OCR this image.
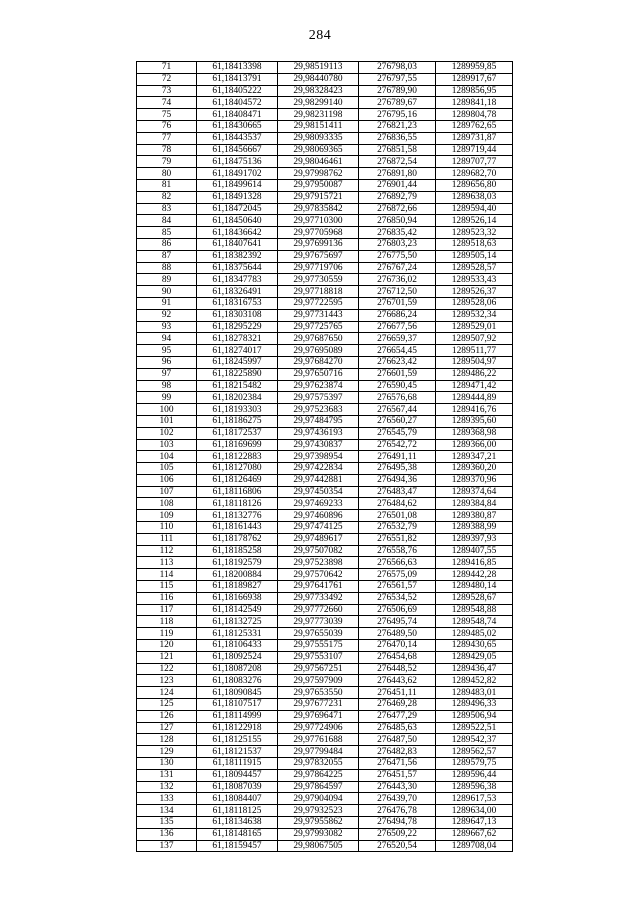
284
71	61,18413398	29,98519113	276798,03	1289959,85
72	61,18413791	29,98440780	276797,55	1289917,67
73	61,18405222	29,98328423	276789,90	1289856,95
74	61,18404572	29,98299140	276789,67	1289841,18
75	61,18408471	29,98231198	276795,16	1289804,78
76	61,18430665	29,98151411	276821,23	1289762,65
77	61,18443537	29,98093335	276836,55	1289731,87
78	61,18456667	29,98069365	276851,58	1289719,44
79	61,18475136	29,98046461	276872,54	1289707,77
80	61,18491702	29,97998762	276891,80	1289682,70
81	61,18499614	29,97950087	276901,44	1289656,80
82	61,18491328	29,97915721	276892,79	1289638,03
83	61,18472045	29,97835842	276872,66	1289594,40
84	61,18450640	29,97710300	276850,94	1289526,14
85	61,18436642	29,97705968	276835,42	1289523,32
86	61,18407641	29,97699136	276803,23	1289518,63
87	61,18382392	29,97675697	276775,50	1289505,14
88	61,18375644	29,97719706	276767,24	1289528,57
89	61,18347783	29,97730559	276736,02	1289533,43
90	61,18326491	29,97718818	276712,50	1289526,37
91	61,18316753	29,97722595	276701,59	1289528,06
92	61,18303108	29,97731443	276686,24	1289532,34
93	61,18295229	29,97725765	276677,56	1289529,01
94	61,18278321	29,97687650	276659,37	1289507,92
95	61,18274017	29,97695089	276654,45	1289511,77
96	61,18245997	29,97684270	276623,42	1289504,97
97	61,18225890	29,97650716	276601,59	1289486,22
98	61,18215482	29,97623874	276590,45	1289471,42
99	61,18202384	29,97575397	276576,68	1289444,89
100	61,18193303	29,97523683	276567,44	1289416,76
101	61,18186275	29,97484795	276560,27	1289395,60
102	61,18172537	29,97436193	276545,79	1289368,98
103	61,18169699	29,97430837	276542,72	1289366,00
104	61,18122883	29,97398954	276491,11	1289347,21
105	61,18127080	29,97422834	276495,38	1289360,20
106	61,18126469	29,97442881	276494,36	1289370,96
107	61,18116806	29,97450354	276483,47	1289374,64
108	61,18118126	29,97469233	276484,62	1289384,84
109	61,18132776	29,97460896	276501,08	1289380,87
110	61,18161443	29,97474125	276532,79	1289388,99
111	61,18178762	29,97489617	276551,82	1289397,93
112	61,18185258	29,97507082	276558,76	1289407,55
113	61,18192579	29,97523898	276566,63	1289416,85
114	61,18200884	29,97570642	276575,09	1289442,28
115	61,18189827	29,97641761	276561,57	1289480,14
116	61,18166938	29,97733492	276534,52	1289528,67
117	61,18142549	29,97772660	276506,69	1289548,88
118	61,18132725	29,97773039	276495,74	1289548,74
119	61,18125331	29,97655039	276489,50	1289485,02
120	61,18106433	29,97555175	276470,14	1289430,65
121	61,18092524	29,97553107	276454,68	1289429,05
122	61,18087208	29,97567251	276448,52	1289436,47
123	61,18083276	29,97597909	276443,62	1289452,82
124	61,18090845	29,97653550	276451,11	1289483,01
125	61,18107517	29,97677231	276469,28	1289496,33
126	61,18114999	29,97696471	276477,29	1289506,94
127	61,18122918	29,97724906	276485,63	1289522,51
128	61,18125155	29,97761688	276487,50	1289542,37
129	61,18121537	29,97799484	276482,83	1289562,57
130	61,18111915	29,97832055	276471,56	1289579,75
131	61,18094457	29,97864225	276451,57	1289596,44
132	61,18087039	29,97864597	276443,30	1289596,38
133	61,18084407	29,97904094	276439,70	1289617,53
134	61,18118125	29,97932523	276476,78	1289634,00
135	61,18134638	29,97955862	276494,78	1289647,13
136	61,18148165	29,97993082	276509,22	1289667,62
137	61,18159457	29,98067505	276520,54	1289708,04
